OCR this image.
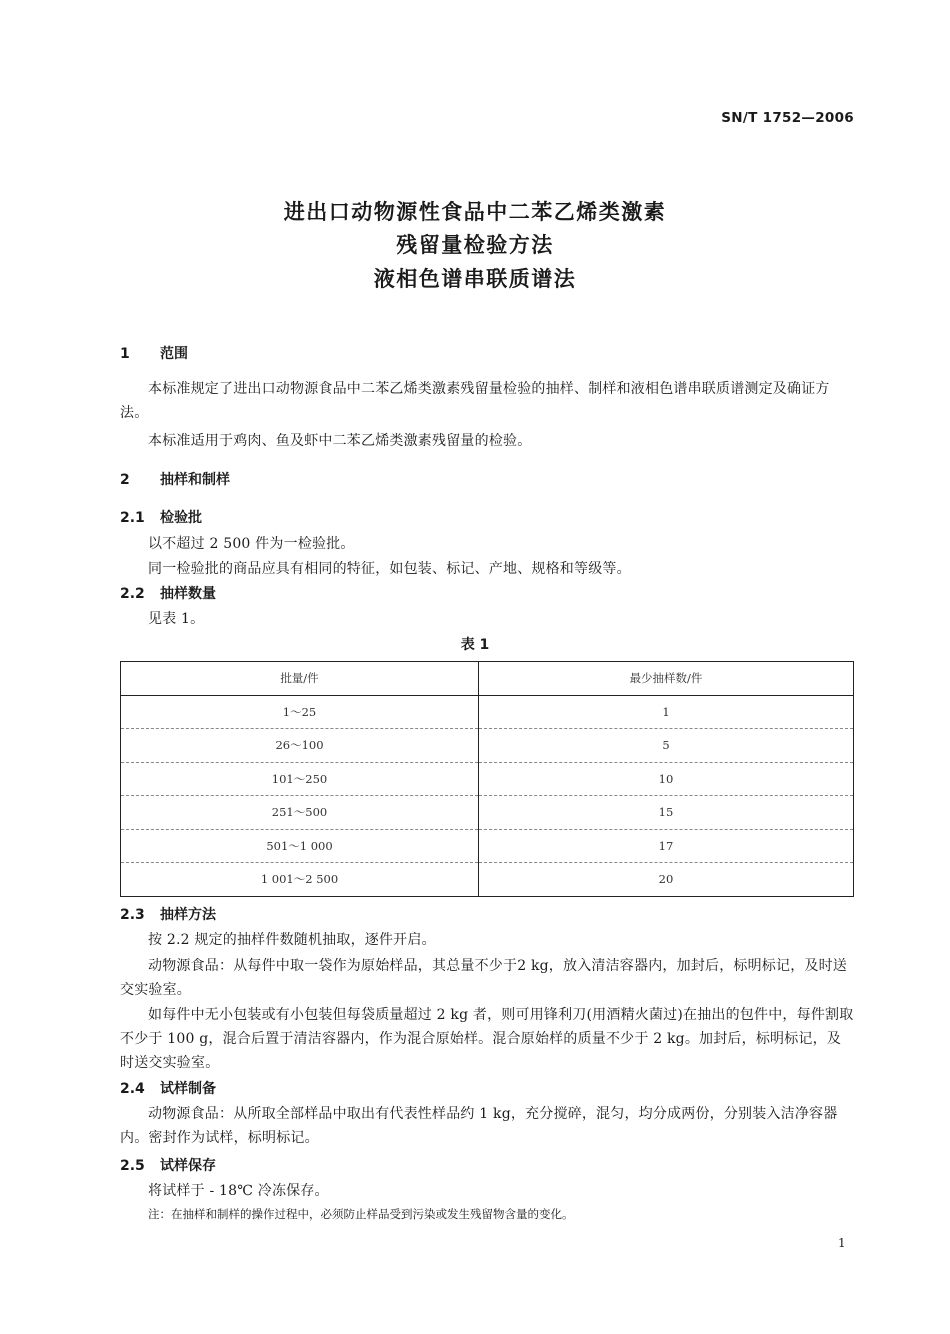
SN/T 1752—2006
进出口动物源性食品中二苯乙烯类激素
残留量检验方法
液相色谱串联质谱法
1 范围
本标准规定了进出口动物源食品中二苯乙烯类激素残留量检验的抽样、制样和液相色谱串联质谱测定及确证方法。
本标准适用于鸡肉、鱼及虾中二苯乙烯类激素残留量的检验。
2 抽样和制样
2.1 检验批
以不超过 2 500 件为一检验批。
同一检验批的商品应具有相同的特征，如包装、标记、产地、规格和等级等。
2.2 抽样数量
见表 1。
表 1
批量/件	最少抽样数/件
1～25	1
26～100	5
101～250	10
251～500	15
501～1 000	17
1 001～2 500	20
2.3 抽样方法
按 2.2 规定的抽样件数随机抽取，逐件开启。
动物源食品：从每件中取一袋作为原始样品，其总量不少于2 kg，放入清洁容器内，加封后，标明标记，及时送交实验室。
如每件中无小包装或有小包装但每袋质量超过 2 kg 者，则可用锋利刀(用酒精火菌过)在抽出的包件中，每件割取不少于 100 g，混合后置于清洁容器内，作为混合原始样。混合原始样的质量不少于 2 kg。加封后，标明标记，及时送交实验室。
2.4 试样制备
动物源食品：从所取全部样品中取出有代表性样品约 1 kg，充分搅碎，混匀，均分成两份，分别装入洁净容器内。密封作为试样，标明标记。
2.5 试样保存
将试样于 - 18℃ 冷冻保存。
注：在抽样和制样的操作过程中，必须防止样品受到污染或发生残留物含量的变化。
1
